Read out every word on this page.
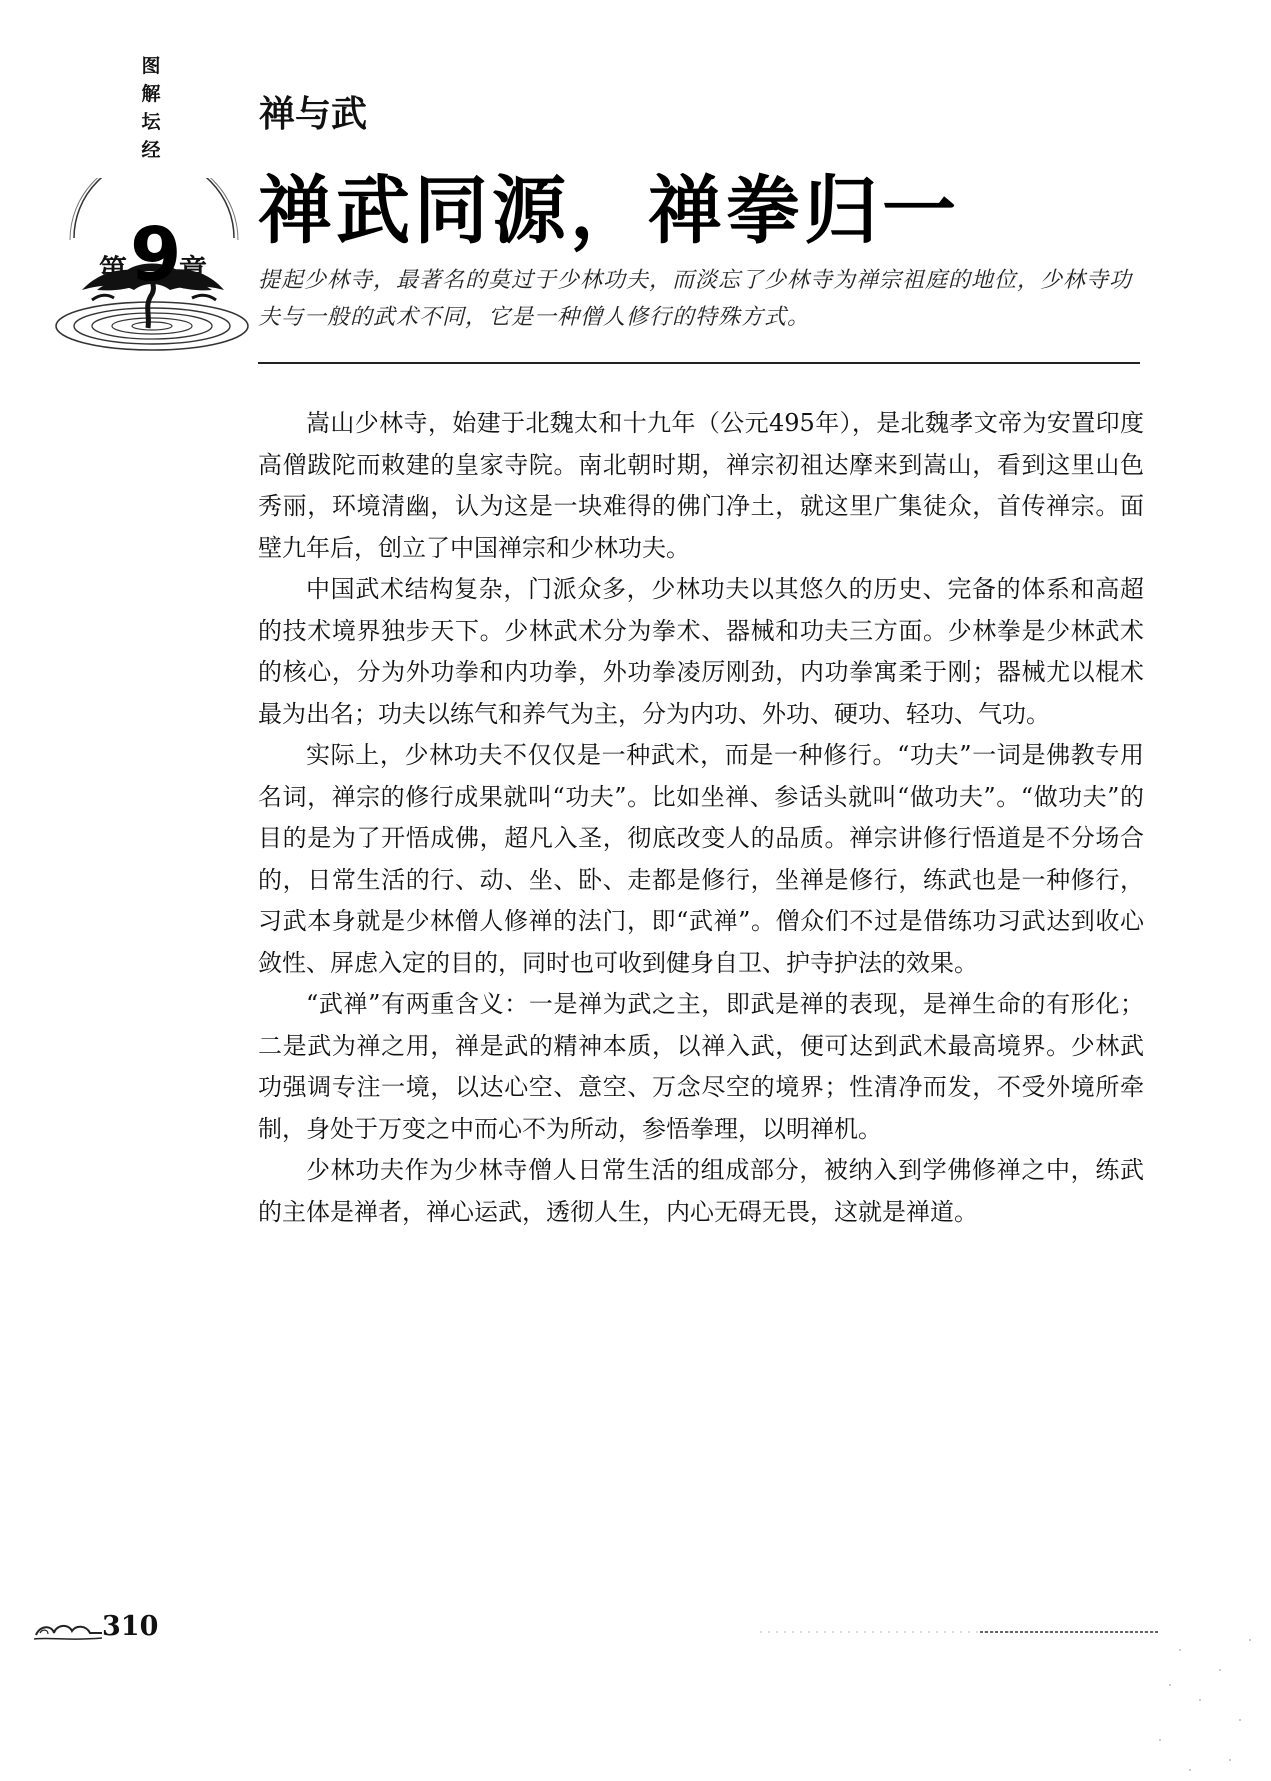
图
解
坛
经
第 9
章
禅与武
禅武同源，禅拳归一

提起少林寺，最著名的莫过于少林功夫，而淡忘了少林寺为禅宗祖庭的地位，少林寺功夫与一般的武术不同，它是一种僧人修行的特殊方式。

嵩山少林寺，始建于北魏太和十九年（公元495年），是北魏孝文帝为安置印度高僧跋陀而敕建的皇家寺院。南北朝时期，禅宗初祖达摩来到嵩山，看到这里山色秀丽，环境清幽，认为这是一块难得的佛门净土，就这里广集徒众，首传禅宗。面壁九年后，创立了中国禅宗和少林功夫。

中国武术结构复杂，门派众多，少林功夫以其悠久的历史、完备的体系和高超的技术境界独步天下。少林武术分为拳术、器械和功夫三方面。少林拳是少林武术的核心，分为外功拳和内功拳，外功拳凌厉刚劲，内功拳寓柔于刚；器械尤以棍术最为出名；功夫以练气和养气为主，分为内功、外功、硬功、轻功、气功。

实际上，少林功夫不仅仅是一种武术，而是一种修行。“功夫”一词是佛教专用名词，禅宗的修行成果就叫“功夫”。比如坐禅、参话头就叫“做功夫”。“做功夫”的目的是为了开悟成佛，超凡入圣，彻底改变人的品质。禅宗讲修行悟道是不分场合的，日常生活的行、动、坐、卧、走都是修行，坐禅是修行，练武也是一种修行，习武本身就是少林僧人修禅的法门，即“武禅”。僧众们不过是借练功习武达到收心敛性、屏虑入定的目的，同时也可收到健身自卫、护寺护法的效果。

“武禅”有两重含义：一是禅为武之主，即武是禅的表现，是禅生命的有形化；二是武为禅之用，禅是武的精神本质，以禅入武，便可达到武术最高境界。少林武功强调专注一境，以达心空、意空、万念尽空的境界；性清净而发，不受外境所牵制，身处于万变之中而心不为所动，参悟拳理，以明禅机。

少林功夫作为少林寺僧人日常生活的组成部分，被纳入到学佛修禅之中，练武的主体是禅者，禅心运武，透彻人生，内心无碍无畏，这就是禅道。

310
